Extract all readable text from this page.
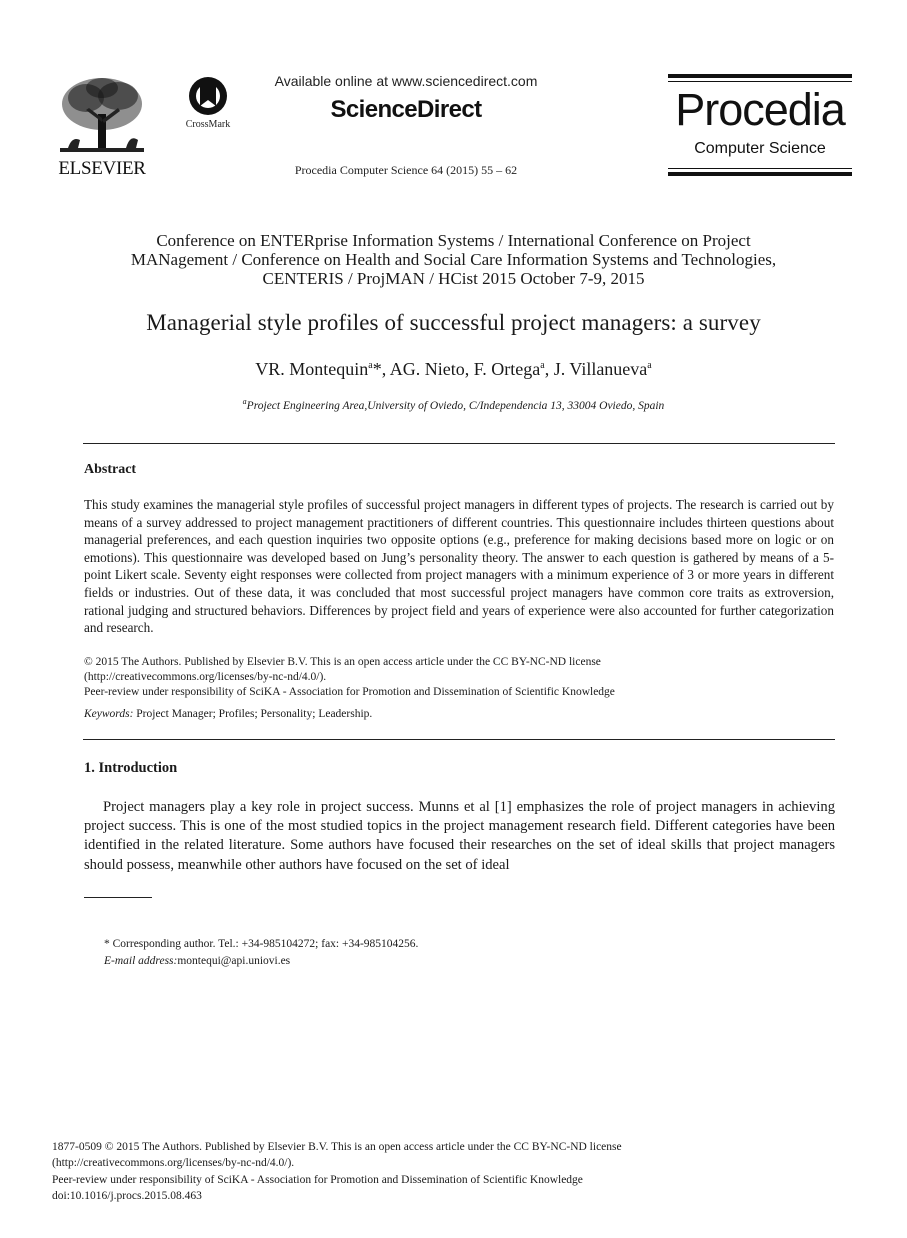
ELSEVIER
CrossMark
Available online at www.sciencedirect.com
ScienceDirect
Procedia Computer Science 64 (2015) 55 – 62
Procedia
Computer Science
Conference on ENTERprise Information Systems / International Conference on Project
MANagement / Conference on Health and Social Care Information Systems and Technologies,
CENTERIS / ProjMAN / HCist 2015 October 7-9, 2015
Managerial style profiles of successful project managers: a survey
VR. Montequin$^a$*, AG. Nieto, F. Ortega$^a$, J. Villanueva$^a$
$^a$Project Engineering Area,University of Oviedo, C/Independencia 13, 33004 Oviedo, Spain
Abstract
This study examines the managerial style profiles of successful project managers in different types of projects. The research is carried out by means of a survey addressed to project management practitioners of different countries. This questionnaire includes thirteen questions about managerial preferences, and each question inquiries two opposite options (e.g., preference for making decisions based more on logic or on emotions). This questionnaire was developed based on Jung’s personality theory. The answer to each question is gathered by means of a 5-point Likert scale. Seventy eight responses were collected from project managers with a minimum experience of 3 or more years in different fields or industries. Out of these data, it was concluded that most successful project managers have common core traits as extroversion, rational judging and structured behaviors. Differences by project field and years of experience were also accounted for further categorization and research.
© 2015 The Authors. Published by Elsevier B.V. This is an open access article under the CC BY-NC-ND license
(http://creativecommons.org/licenses/by-nc-nd/4.0/).
Peer-review under responsibility of SciKA - Association for Promotion and Dissemination of Scientific Knowledge
Keywords: Project Manager; Profiles; Personality; Leadership.
1. Introduction
Project managers play a key role in project success. Munns et al [1] emphasizes the role of project managers in achieving project success. This is one of the most studied topics in the project management research field. Different categories have been identified in the related literature. Some authors have focused their researches on the set of ideal skills that project managers should possess, meanwhile other authors have focused on the set of ideal
* Corresponding author. Tel.: +34-985104272; fax: +34-985104256.
E-mail address:montequi@api.uniovi.es
1877-0509 © 2015 The Authors. Published by Elsevier B.V. This is an open access article under the CC BY-NC-ND license
(http://creativecommons.org/licenses/by-nc-nd/4.0/).
Peer-review under responsibility of SciKA - Association for Promotion and Dissemination of Scientific Knowledge
doi:10.1016/j.procs.2015.08.463
